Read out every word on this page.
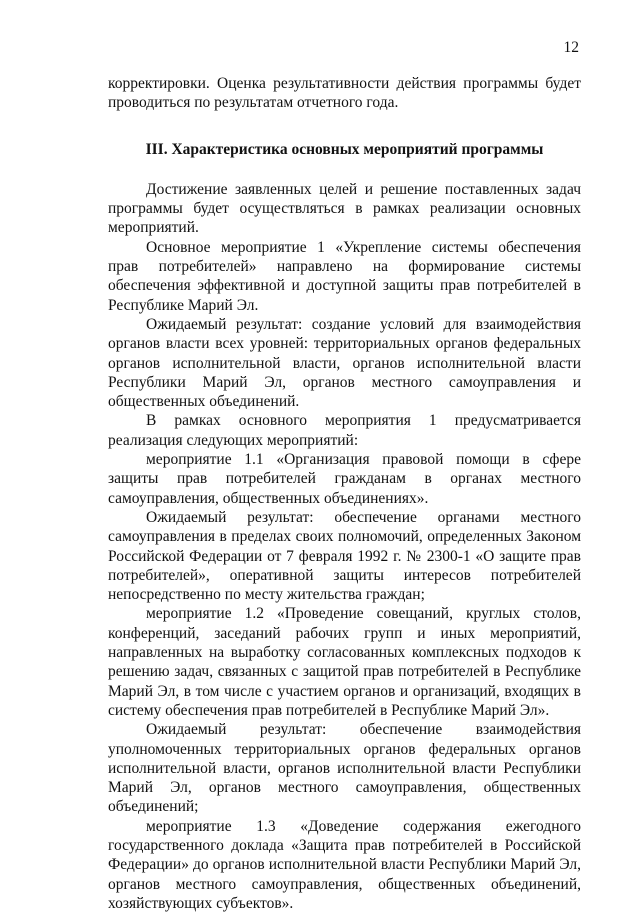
12

корректировки. Оценка результативности действия программы будет проводиться по результатам отчетного года.

III. Характеристика основных мероприятий программы

Достижение заявленных целей и решение поставленных задач программы будет осуществляться в рамках реализации основных мероприятий.

Основное мероприятие 1 «Укрепление системы обеспечения прав потребителей» направлено на формирование системы обеспечения эффективной и доступной защиты прав потребителей в Республике Марий Эл.

Ожидаемый результат: создание условий для взаимодействия органов власти всех уровней: территориальных органов федеральных органов исполнительной власти, органов исполнительной власти Республики Марий Эл, органов местного самоуправления и общественных объединений.

В рамках основного мероприятия 1 предусматривается реализация следующих мероприятий:

мероприятие 1.1 «Организация правовой помощи в сфере защиты прав потребителей гражданам в органах местного самоуправления, общественных объединениях».

Ожидаемый результат: обеспечение органами местного самоуправления в пределах своих полномочий, определенных Законом Российской Федерации от 7 февраля 1992 г. № 2300-1 «О защите прав потребителей», оперативной защиты интересов потребителей непосредственно по месту жительства граждан;

мероприятие 1.2 «Проведение совещаний, круглых столов, конференций, заседаний рабочих групп и иных мероприятий, направленных на выработку согласованных комплексных подходов к решению задач, связанных с защитой прав потребителей в Республике Марий Эл, в том числе с участием органов и организаций, входящих в систему обеспечения прав потребителей в Республике Марий Эл».

Ожидаемый результат: обеспечение взаимодействия уполномоченных территориальных органов федеральных органов исполнительной власти, органов исполнительной власти Республики Марий Эл, органов местного самоуправления, общественных объединений;

мероприятие 1.3 «Доведение содержания ежегодного государственного доклада «Защита прав потребителей в Российской Федерации» до органов исполнительной власти Республики Марий Эл, органов местного самоуправления, общественных объединений, хозяйствующих субъектов».
